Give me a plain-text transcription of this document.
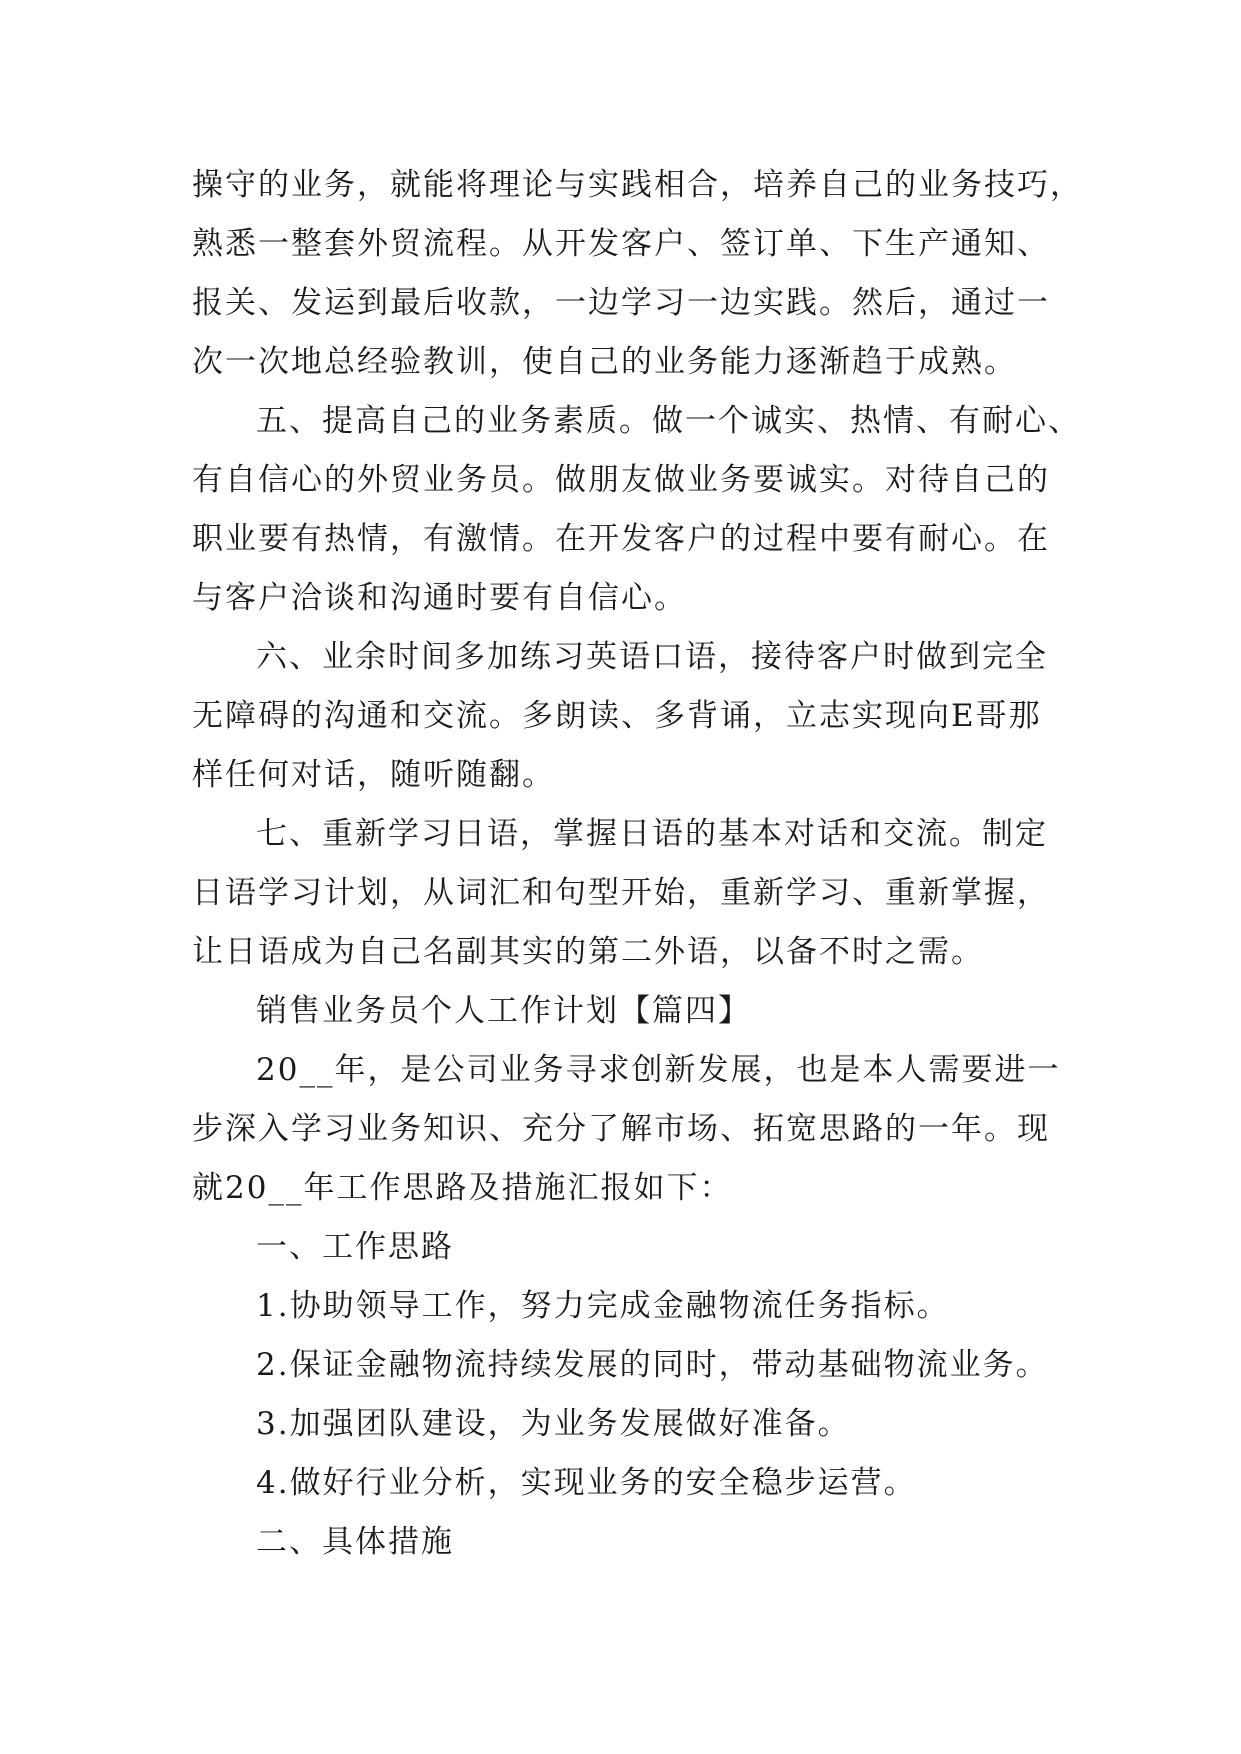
操守的业务，就能将理论与实践相合，培养自己的业务技巧，
熟悉一整套外贸流程。从开发客户、签订单、下生产通知、
报关、发运到最后收款，一边学习一边实践。然后，通过一
次一次地总经验教训，使自己的业务能力逐渐趋于成熟。
五、提高自己的业务素质。做一个诚实、热情、有耐心、
有自信心的外贸业务员。做朋友做业务要诚实。对待自己的
职业要有热情，有激情。在开发客户的过程中要有耐心。在
与客户洽谈和沟通时要有自信心。
六、业余时间多加练习英语口语，接待客户时做到完全
无障碍的沟通和交流。多朗读、多背诵，立志实现向E哥那
样任何对话，随听随翻。
七、重新学习日语，掌握日语的基本对话和交流。制定
日语学习计划，从词汇和句型开始，重新学习、重新掌握，
让日语成为自己名副其实的第二外语，以备不时之需。
销售业务员个人工作计划【篇四】
20__年，是公司业务寻求创新发展，也是本人需要进一
步深入学习业务知识、充分了解市场、拓宽思路的一年。现
就20__年工作思路及措施汇报如下：
一、工作思路
1.协助领导工作，努力完成金融物流任务指标。
2.保证金融物流持续发展的同时，带动基础物流业务。
3.加强团队建设，为业务发展做好准备。
4.做好行业分析，实现业务的安全稳步运营。
二、具体措施
